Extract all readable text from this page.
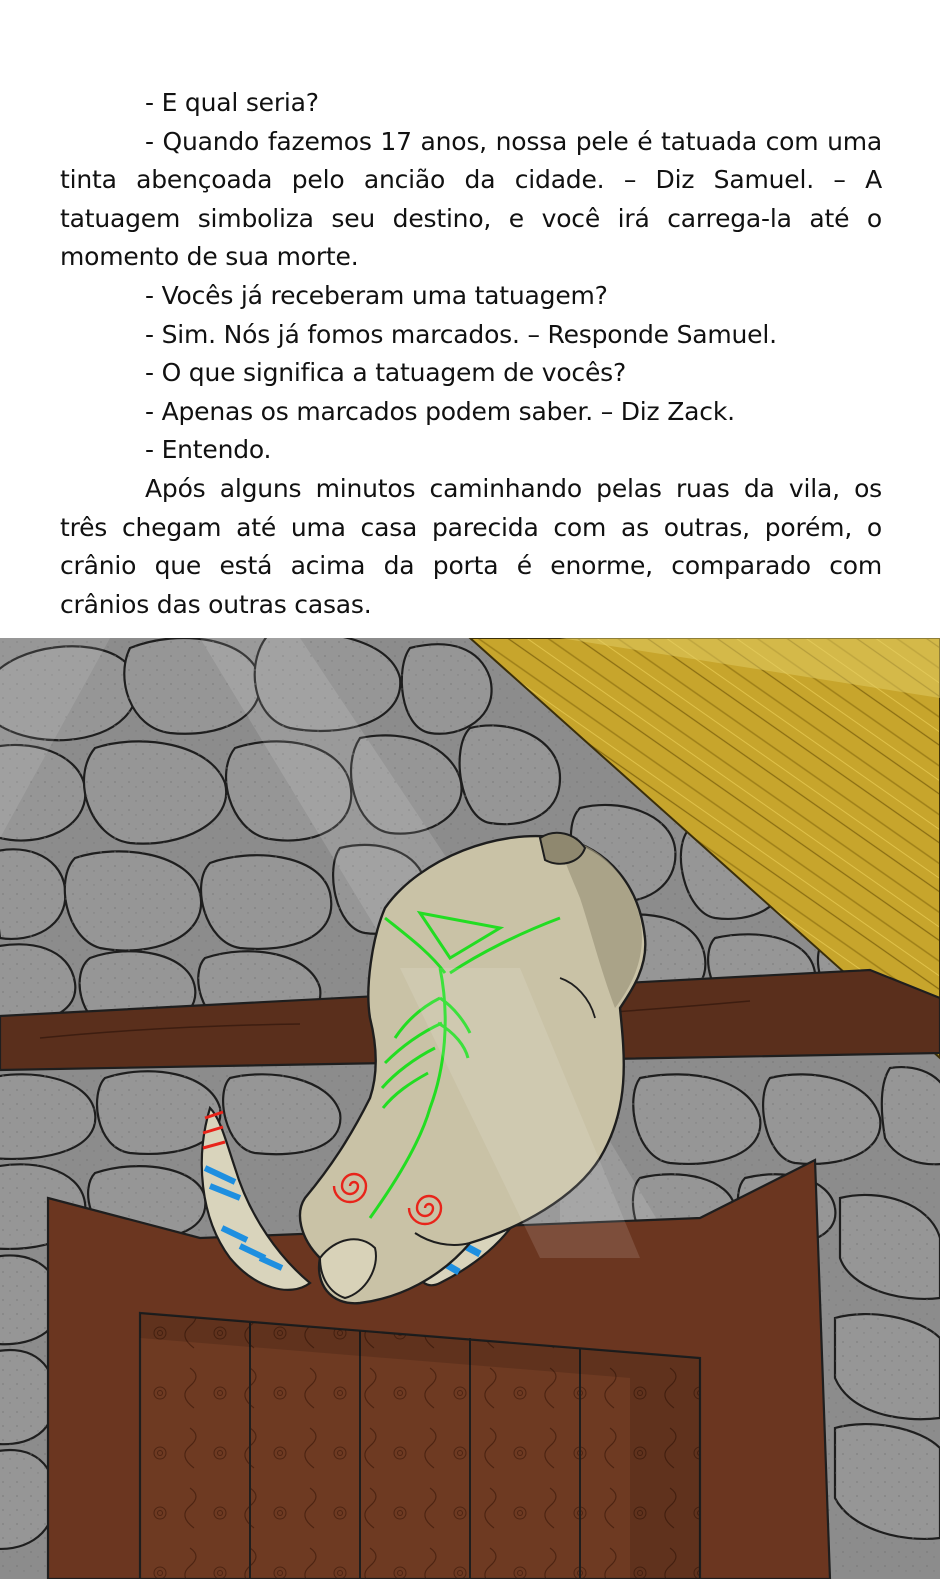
- E qual seria?

- Quando fazemos 17 anos, nossa pele é tatuada com uma tinta abençoada pelo ancião da cidade. – Diz Samuel. – A tatuagem simboliza seu destino, e você irá carrega-la até o momento de sua morte.

- Vocês já receberam uma tatuagem?

- Sim. Nós já fomos marcados. – Responde Samuel.

- O que significa a tatuagem de vocês?

- Apenas os marcados podem saber. – Diz Zack.

- Entendo.

Após alguns minutos caminhando pelas ruas da vila, os três chegam até uma casa parecida com as outras, porém, o crânio que está acima da porta é enorme, comparado com crânios das outras casas.
